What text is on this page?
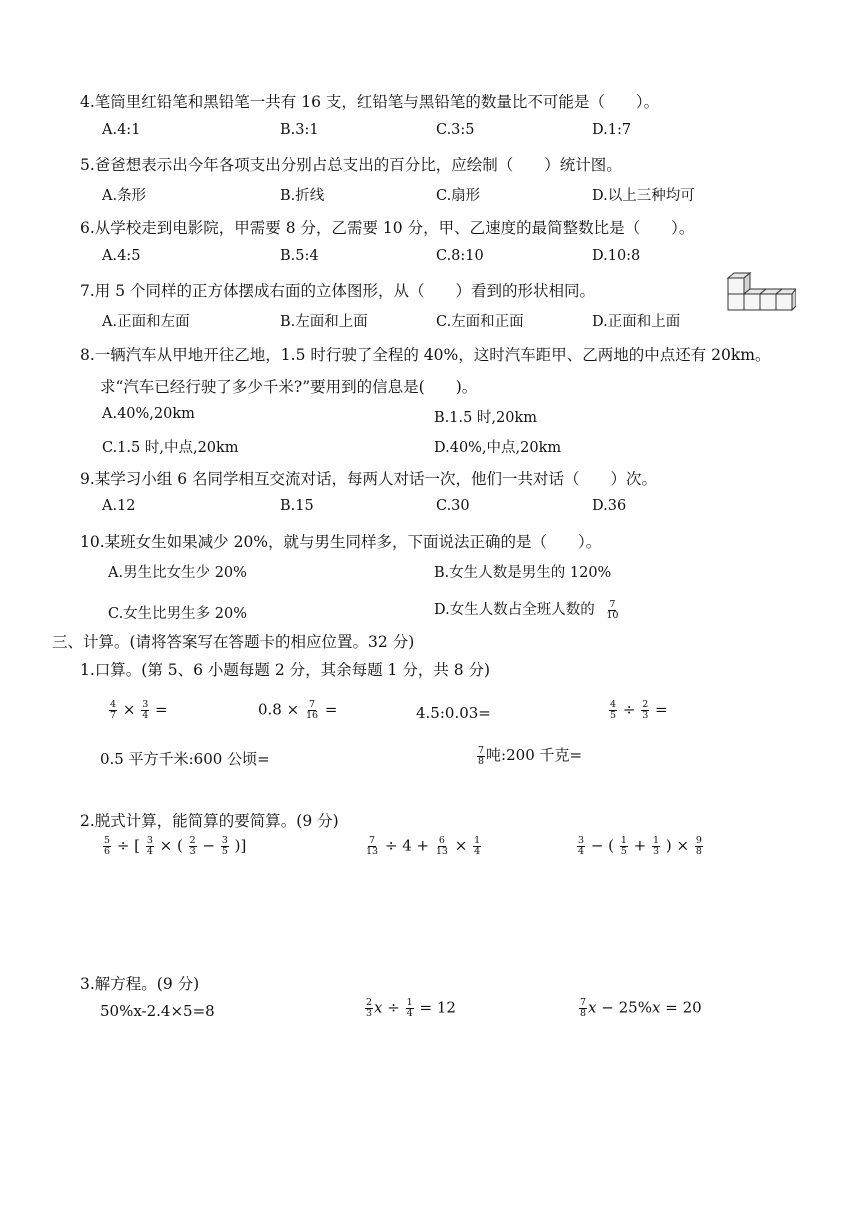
4.笔筒里红铅笔和黑铅笔一共有 16 支，红铅笔与黑铅笔的数量比不可能是（　　）。
A.4:1	B.3:1	C.3:5	D.1:7
5.爸爸想表示出今年各项支出分别占总支出的百分比，应绘制（　　）统计图。
A.条形	B.折线	C.扇形	D.以上三种均可
6.从学校走到电影院，甲需要 8 分，乙需要 10 分，甲、乙速度的最简整数比是（　　）。
A.4:5	B.5:4	C.8:10	D.10:8
7.用 5 个同样的正方体摆成右面的立体图形，从（　　）看到的形状相同。
A.正面和左面	B.左面和上面	C.左面和正面	D.正面和上面
8.一辆汽车从甲地开往乙地，1.5 时行驶了全程的 40%，这时汽车距甲、乙两地的中点还有 20km。
求“汽车已经行驶了多少千米?”要用到的信息是(　　)。
A.40%,20km	B.1.5 时,20km
C.1.5 时,中点,20km	D.40%,中点,20km
9.某学习小组 6 名同学相互交流对话，每两人对话一次，他们一共对话（　　）次。
A.12	B.15	C.30	D.36
10.某班女生如果减少 20%，就与男生同样多，下面说法正确的是（　　）。
A.男生比女生少 20%	B.女生人数是男生的 120%
C.女生比男生多 20%	D.女生人数占全班人数的 $\frac{7}{10}$
三、计算。(请将答案写在答题卡的相应位置。32 分)
1.口算。(第 5、6 小题每题 2 分，其余每题 1 分，共 8 分)
$\frac{4}{7} \times \frac{3}{4}$ =	$0.8 \times \frac{7}{16}$ =	4.5:0.03=	$\frac{4}{5} \div \frac{2}{3}$ =
0.5 平方千米:600 公顷=	$\frac{7}{8}$ 吨:200 千克=
2.脱式计算，能简算的要简算。(9 分)
$\frac{5}{6}$ ÷ [ $\frac{3}{4}$ × ( $\frac{2}{3} - \frac{3}{5}$ )]	$\frac{7}{13} \div 4 + \frac{6}{13} \times \frac{1}{4}$	$\frac{3}{4}$ − ( $\frac{1}{5} + \frac{1}{3}$ ) × $\frac{9}{8}$
3.解方程。(9 分)
50%x-2.4×5=8	$\frac{2}{3}$ $x \div \frac{1}{4} = 12$	$\frac{7}{8}$ x − 25%x = 20
